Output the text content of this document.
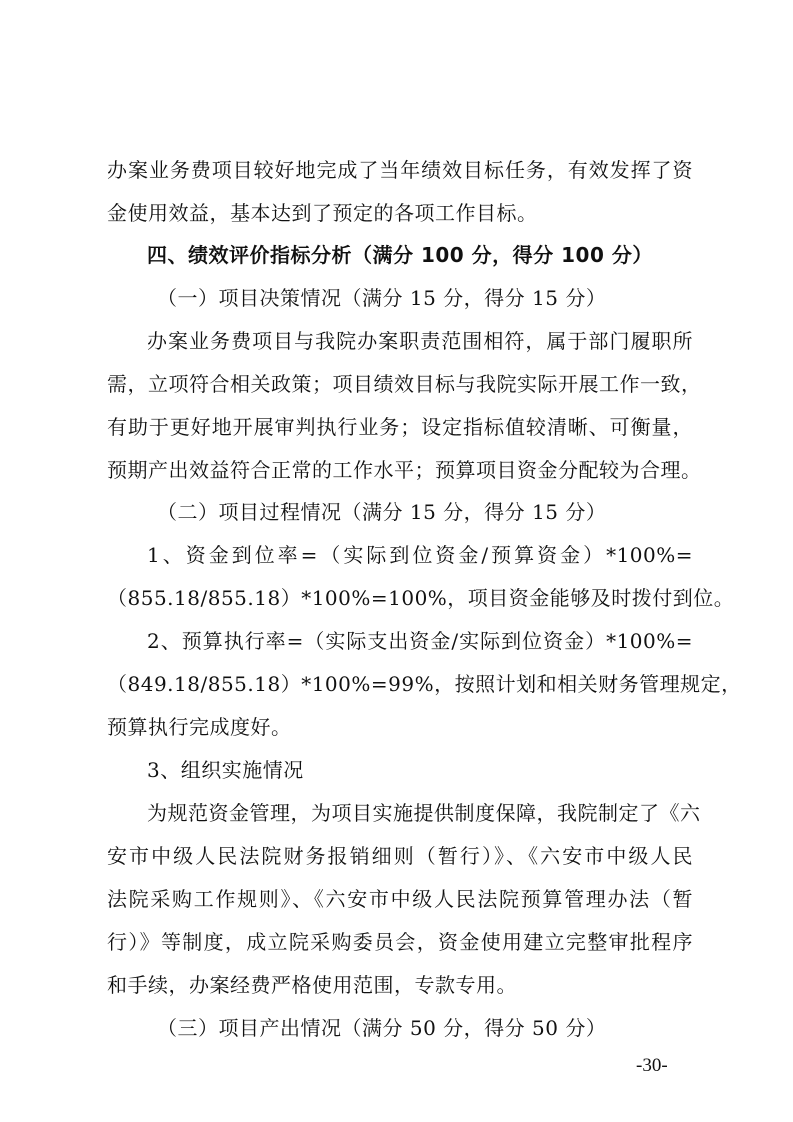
办案业务费项目较好地完成了当年绩效目标任务，有效发挥了资
金使用效益，基本达到了预定的各项工作目标。
四、绩效评价指标分析（满分 100 分，得分 100 分）
（一）项目决策情况（满分 15 分，得分 15 分）
办案业务费项目与我院办案职责范围相符，属于部门履职所
需，立项符合相关政策；项目绩效目标与我院实际开展工作一致，
有助于更好地开展审判执行业务；设定指标值较清晰、可衡量，
预期产出效益符合正常的工作水平；预算项目资金分配较为合理。
（二）项目过程情况（满分 15 分，得分 15 分）
1、资金到位率=（实际到位资金/预算资金）*100%=
（855.18/855.18）*100%=100%，项目资金能够及时拨付到位。
2、预算执行率=（实际支出资金/实际到位资金）*100%=
（849.18/855.18）*100%=99%，按照计划和相关财务管理规定，
预算执行完成度好。
3、组织实施情况
为规范资金管理，为项目实施提供制度保障，我院制定了《六
安市中级人民法院财务报销细则（暂行）》、《六安市中级人民
法院采购工作规则》、《六安市中级人民法院预算管理办法（暂
行）》等制度，成立院采购委员会，资金使用建立完整审批程序
和手续，办案经费严格使用范围，专款专用。
（三）项目产出情况（满分 50 分，得分 50 分）
-30-
